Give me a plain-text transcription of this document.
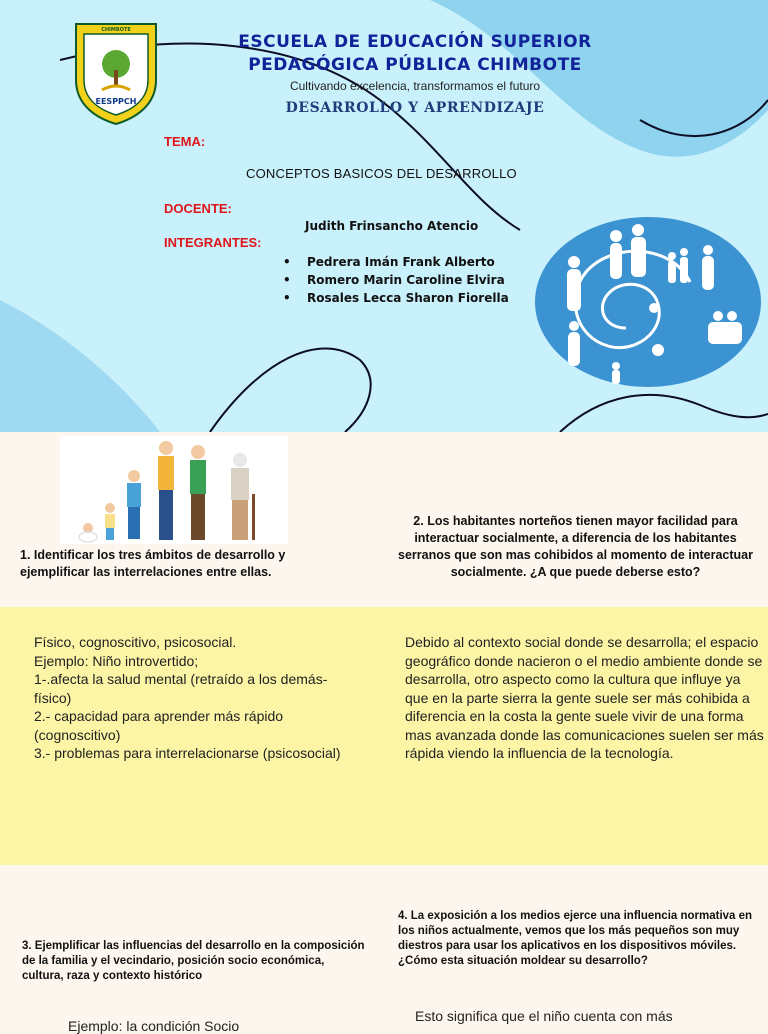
EESPPCH
CHIMBOTE
ESCUELA DE EDUCACIÓN SUPERIOR
PEDAGÓGICA PÚBLICA CHIMBOTE
Cultivando excelencia, transformamos el futuro
DESARROLLO Y APRENDIZAJE
TEMA:
CONCEPTOS BASICOS DEL DESARROLLO
DOCENTE:
Judith Frinsancho Atencio
INTEGRANTES:
• Pedrera Imán Frank Alberto
• Romero Marin Caroline Elvira
• Rosales Lecca Sharon Fiorella
1. Identificar los tres ámbitos de desarrollo y ejemplificar las interrelaciones entre ellas.
2. Los habitantes norteños tienen mayor facilidad para interactuar socialmente, a diferencia de los habitantes serranos que son mas cohibidos al momento de interactuar socialmente. ¿A que puede deberse esto?
Físico, cognoscitivo, psicosocial.
Ejemplo: Niño introvertido;
1-.afecta la salud mental (retraído a los demás-físico)
2.- capacidad para aprender más rápido (cognoscitivo)
3.- problemas para interrelacionarse (psicosocial)
Debido al contexto social donde se desarrolla; el espacio geográfico donde nacieron o el medio ambiente donde se desarrolla, otro aspecto como la cultura que influye ya que en la parte sierra la gente suele ser más cohibida a diferencia en la costa la gente suele vivir de una forma mas avanzada donde las comunicaciones suelen ser más rápida viendo la influencia de la tecnología.
3. Ejemplificar las influencias del desarrollo en la composición de la familia y el vecindario, posición socio económica, cultura, raza y contexto histórico
4. La exposición a los medios ejerce una influencia normativa en los niños actualmente, vemos que los más pequeños son muy diestros para usar los aplicativos en los dispositivos móviles. ¿Cómo esta situación moldear su desarrollo?
Esto significa que el niño cuenta con más
Ejemplo: la condición Socio
